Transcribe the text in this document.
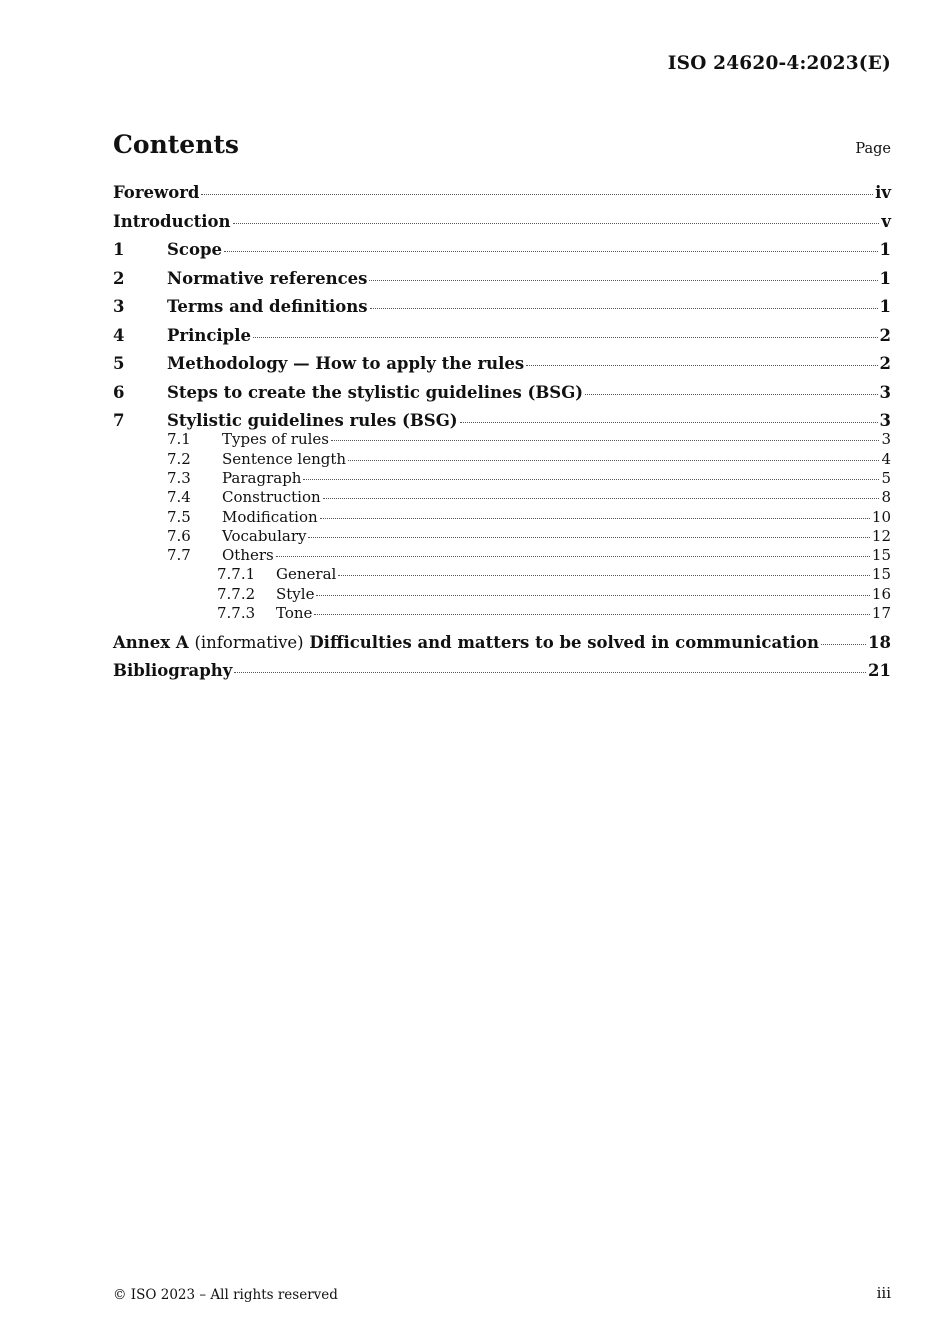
ISO 24620-4:2023(E)
Contents	Page
Foreword	iv
Introduction	v
1	Scope	1
2	Normative references	1
3	Terms and definitions	1
4	Principle	2
5	Methodology — How to apply the rules	2
6	Steps to create the stylistic guidelines (BSG)	3
7	Stylistic guidelines rules (BSG)	3
7.1	Types of rules	3
7.2	Sentence length	4
7.3	Paragraph	5
7.4	Construction	8
7.5	Modification	10
7.6	Vocabulary	12
7.7	Others	15
7.7.1	General	15
7.7.2	Style	16
7.7.3	Tone	17
Annex A (informative) Difficulties and matters to be solved in communication	18
Bibliography	21
© ISO 2023 – All rights reserved	iii
